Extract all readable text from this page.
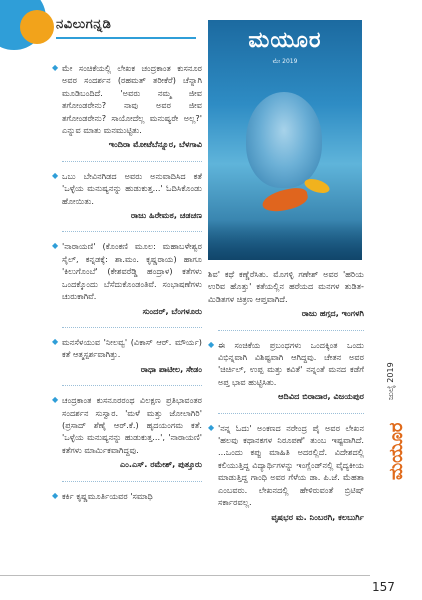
ನವಿಲುಗನ್ನಡಿ
◆ ಮೇ ಸಂಚಿಕೆಯಲ್ಲಿ ಲೇಖಕ ಚಂದ್ರಕಾಂತ ಕುಸನೂರ ಅವರ ಸಂದರ್ಶನ (ರಹಮತ್ ತರೀಕೆರೆ) ಚೆನ್ನಾಗಿ ಮೂಡಿಬಂದಿದೆ. 'ಅವರು ನಮ್ಮ ಜೀವ ತಗೋಂಡರೇನು? ನಾವು ಅವರ ಜೀವ ತಗೋಂಡರೇನು? ಸಾಯೋದೆಲ್ಲ ಮನುಷ್ಯರೇ ಅಲ್ಲ?' ಎನ್ನುವ ಮಾತು ಮನಮುಟ್ಟಿತು.
ಇಂದಿರಾ ಮೋಟೆಬೆನ್ನೂರ, ಬೆಳಗಾವಿ
◆ ಒಬು ಬೇವಿನಗಿಡದ ಅವರು ಅನುವಾದಿಸಿದ ಕತೆ 'ಒಳ್ಳೆಯ ಮನುಷ್ಯನನ್ನು ಹುಡುಕುತ್ತ...' ಓದಿಸಿಕೊಂಡು ಹೋಯಿತು.
ರಾಜು ಹಿರೇಮಠ, ಚಡಚಣ
◆ 'ನಾರಾಯಣಿ' (ಕೊಂಕಣಿ ಮೂಲ: ಮಹಾಬಳೇಶ್ವರ ಸೈಲ್, ಕನ್ನಡಕ್ಕೆ: ಶಾ.ಮಂ. ಕೃಷ್ಣರಾಯ) ಹಾಗೂ 'ಕಿಲುಗೊಂಬೆ' (ಕೇಶವರೆಡ್ಡಿ ಹಂದ್ರಾಳ) ಕತೆಗಳು ಒಂದಕ್ಕೊಂದು ಬೆಸೆದುಕೊಂಡಂತಿವೆ. ಸಂಭಾಷಣೆಗಳು ಚುರುಕಾಗಿವೆ.
ಸುಂದರ್, ಬೆಂಗಳೂರು
◆ ಮನಸೆಳಯುವ 'ನೀಲವ್ವ' (ವಿಕಾಸ್ ಆರ್. ಮೌರ್ಯ) ಕತೆ ಆತ್ಮಸ್ಪರ್ಶವಾಗಿತ್ತು.
ರಾಧಾ ಪಾಟೀಲ, ಸೇಡಂ
◆ ಚಂದ್ರಕಾಂತ ಕುಸನೂರರಂಥ ವಿಲಕ್ಷಣ ಪ್ರತಿಭಾವಂತರ ಸಂದರ್ಶನ ಸುಸ್ವಾರ. 'ಮಳೆ ಮತ್ತು ಜೋಲಾಗಿರಿ' (ಪ್ರಸಾದ್ ಶೆಣೈ ಆರ್.ಕೆ.) ಹೃದಯಂಗಮ ಕತೆ. 'ಒಳ್ಳೆಯ ಮನುಷ್ಯನನ್ನು ಹುಡುಕುತ್ತ...', 'ನಾರಾಯಣಿ' ಕತೆಗಳು ಮಾರ್ಮಿಕವಾಗಿದ್ದವು.
ಎಂ.ಎಸ್. ರಮೇಶ್, ಪುತ್ತೂರು
◆ ಕರ್ಕಿ ಕೃಷ್ಣಮೂರ್ತಿಯವರ 'ಸಮಾಧಿ
ಮಯೂರ
ಮೇ 2019
ಶಿವ' ಕಥೆ ಕಣ್ಣೆರೆಸಿತು. ಮೊಗಳ್ಳಿ ಗಣೇಶ್ ಅವರ 'ಹರಿಯ ಉರಿವ ಹೊತ್ತು' ಕತೆಯಲ್ಲಿನ ಹರೆಯದ ಮನಗಳ ತುಡಿತ-ಮಿಡಿತಗಳ ಚಿತ್ರಣ ಆಪ್ತವಾಗಿದೆ.
ರಾಜು ಹಗ್ಗದ, ಇಂಗಳಗಿ
◆ ಈ ಸಂಚಿಕೆಯ ಪ್ರಬಂಧಗಳು ಒಂದಕ್ಕಿಂತ ಒಂದು ವಿಭಿನ್ನವಾಗಿ ವಿಶಿಷ್ಟವಾಗಿ ಆಗಿದ್ದವು. ಚೇತನ ಅವರ 'ಚಿರ್ಚಿಲ್, ಉಪ್ಪ ಮತ್ತು ಕವಿತೆ' ನನ್ನಂತೆ ಮನದ ಕಡೆಗೆ ಅಪ್ತ ಭಾವ ಹುಟ್ಟಿಸಿತು.
ಆದಿವಿದ ಬಿರಾದಾರ, ವಿಜಯಪುರ
◆ 'ನನ್ನ ಓದು' ಅಂಕಣದ ನರೇಂದ್ರ ಪೈ ಅವರ ಲೇಖನ 'ಹಲವು ಕಥಾನಕಗಳ ನಿರೂಪಣೆ' ತುಂಬ ಇಷ್ಟವಾಗಿದೆ. ...ಒಂದು ಕಪ್ಪು ಮಾಹಿತಿ ಅದರಲ್ಲಿದೆ. ವಿದೇಶದಲ್ಲಿ ಕಲಿಯುತ್ತಿದ್ದ ವಿದ್ಯಾರ್ಥಿಗಳನ್ನು ಇಂಗ್ಲೆಂಡ್‌ನಲ್ಲಿ ವೈದ್ಯಕೀಯ ಮಾಡುತ್ತಿದ್ದ ಗಾಂಧಿ ಅವರ ಗೆಳೆಯ ಡಾ. ಪಿ.ಜೆ. ಮೆಹತಾ ಎಂಬವರು. ಲೇಖನದಲ್ಲಿ ಹೇಳಿರುವಂತೆ ಬ್ರಿಟಿಷ್ ಸರ್ಕಾರವಲ್ಲ.
ವೃಷಭರ ಮ. ನಿಂಬರಗಿ, ಕಲಬುರ್ಗಿ
ಜುಲೈ 2019
ಮಯೂರ
157
